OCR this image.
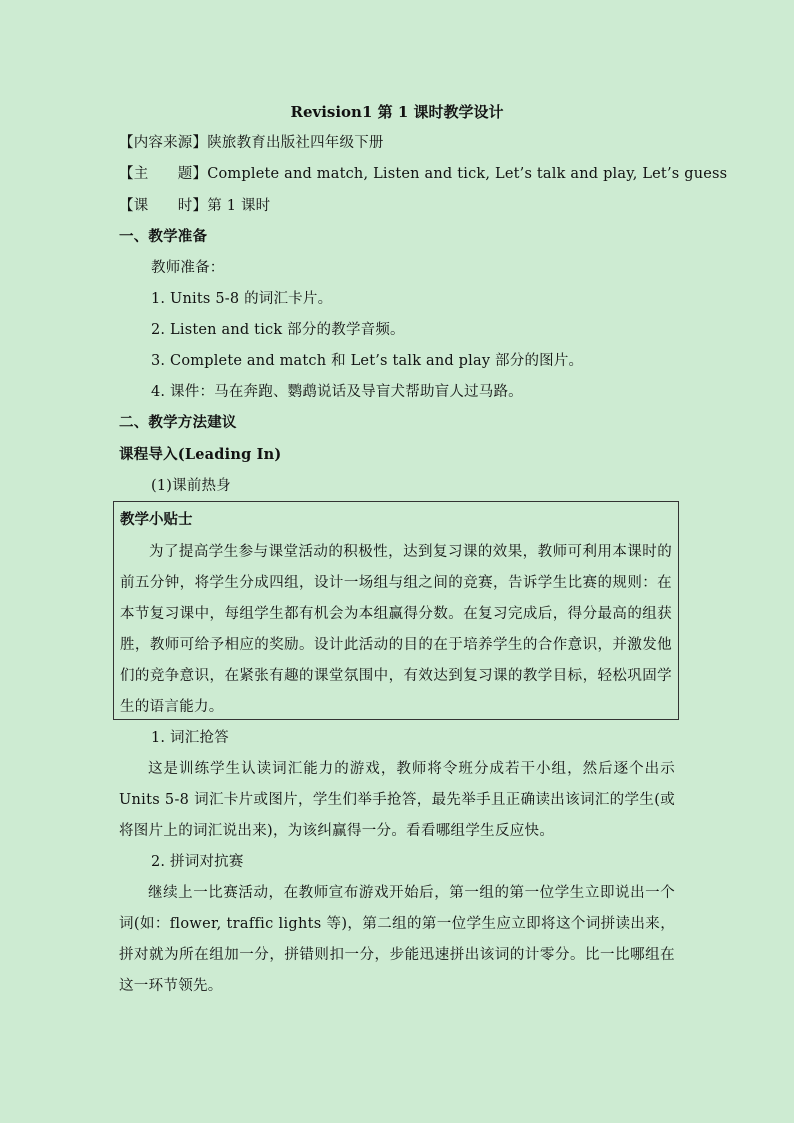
Revision1 第 1 课时教学设计
【内容来源】陕旅教育出版社四年级下册
【主　　题】Complete and match, Listen and tick, Let’s talk and play, Let’s guess
【课　　时】第 1 课时
一、教学准备
教师准备：
1. Units 5-8 的词汇卡片。
2. Listen and tick 部分的教学音频。
3. Complete and match 和 Let’s talk and play 部分的图片。
4. 课件：马在奔跑、鹦鹉说话及导盲犬帮助盲人过马路。
二、教学方法建议
课程导入(Leading In)
(1)课前热身
教学小贴士
为了提高学生参与课堂活动的积极性，达到复习课的效果，教师可利用本课时的前五分钟，将学生分成四组，设计一场组与组之间的竞赛，告诉学生比赛的规则：在本节复习课中，每组学生都有机会为本组赢得分数。在复习完成后，得分最高的组获胜，教师可给予相应的奖励。设计此活动的目的在于培养学生的合作意识，并激发他们的竞争意识，在紧张有趣的课堂氛围中，有效达到复习课的教学目标，轻松巩固学生的语言能力。
1. 词汇抢答
这是训练学生认读词汇能力的游戏，教师将令班分成若干小组，然后逐个出示 Units 5-8 词汇卡片或图片，学生们举手抢答，最先举手且正确读出该词汇的学生(或将图片上的词汇说出来)，为该纠赢得一分。看看哪组学生反应快。
2. 拼词对抗赛
继续上一比赛活动，在教师宣布游戏开始后，第一组的第一位学生立即说出一个词(如：flower, traffic lights 等)，第二组的第一位学生应立即将这个词拼读出来，拼对就为所在组加一分，拼错则扣一分，步能迅速拼出该词的计零分。比一比哪组在这一环节领先。
